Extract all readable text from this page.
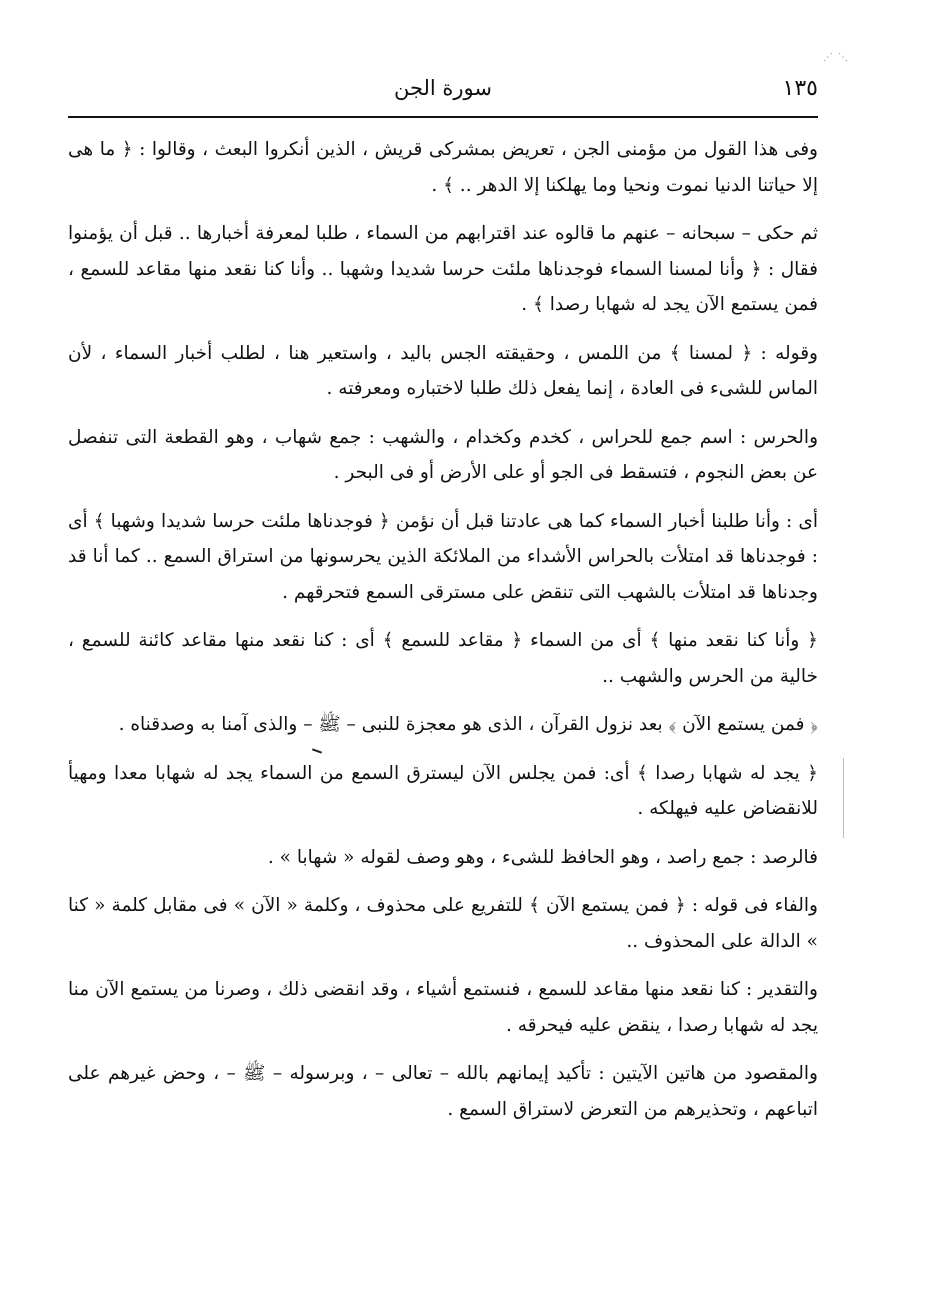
⋰ ⋱
سورة الجن	١٣٥

وفى هذا القول من مؤمنى الجن ، تعريض بمشركى قريش ، الذين أنكروا البعث ، وقالوا : ﴿ ما هى إلا حياتنا الدنيا نموت ونحيا وما يهلكنا إلا الدهر .. ﴾ .

ثم حكى – سبحانه – عنهم ما قالوه عند اقترابهم من السماء ، طلبا لمعرفة أخبارها .. قبل أن يؤمنوا فقال : ﴿ وأنا لمسنا السماء فوجدناها ملئت حرسا شديدا وشهبا .. وأنا كنا نقعد منها مقاعد للسمع ، فمن يستمع الآن يجد له شهابا رصدا ﴾ .

وقوله : ﴿ لمسنا ﴾ من اللمس ، وحقيقته الجس باليد ، واستعير هنا ، لطلب أخبار السماء ، لأن الماس للشىء فى العادة ، إنما يفعل ذلك طلبا لاختباره ومعرفته .

والحرس : اسم جمع للحراس ، كخدم وكخدام ، والشهب : جمع شهاب ، وهو القطعة التى تنفصل عن بعض النجوم ، فتسقط فى الجو أو على الأرض أو فى البحر .

أى : وأنا طلبنا أخبار السماء كما هى عادتنا قبل أن نؤمن ﴿ فوجدناها ملئت حرسا شديدا وشهبا ﴾ أى : فوجدناها قد امتلأت بالحراس الأشداء من الملائكة الذين يحرسونها من استراق السمع .. كما أنا قد وجدناها قد امتلأت بالشهب التى تنقض على مسترقى السمع فتحرقهم .

﴿ وأنا كنا نقعد منها ﴾ أى من السماء ﴿ مقاعد للسمع ﴾ أى : كنا نقعد منها مقاعد كائنة للسمع ، خالية من الحرس والشهب ..

﴿ فمن يستمع الآن ﴾ بعد نزول القرآن ، الذى هو معجزة للنبى – ﷺ – والذى آمنا به وصدقناه .

﴿ يجد له شهابا رصدا ﴾ أى: فمن يجلس الآن ليسترق السمع من السماء يجد له شهابا معدا ومهيأ للانقضاض عليه فيهلكه .

فالرصد : جمع راصد ، وهو الحافظ للشىء ، وهو وصف لقوله « شهابا » .

والفاء فى قوله : ﴿ فمن يستمع الآن ﴾ للتفريع على محذوف ، وكلمة « الآن » فى مقابل كلمة « كنا » الدالة على المحذوف ..

والتقدير : كنا نقعد منها مقاعد للسمع ، فنستمع أشياء ، وقد انقضى ذلك ، وصرنا من يستمع الآن منا يجد له شهابا رصدا ، ينقض عليه فيحرقه .

والمقصود من هاتين الآيتين : تأكيد إيمانهم بالله – تعالى – ، وبرسوله – ﷺ – ، وحض غيرهم على اتباعهم ، وتحذيرهم من التعرض لاستراق السمع .
